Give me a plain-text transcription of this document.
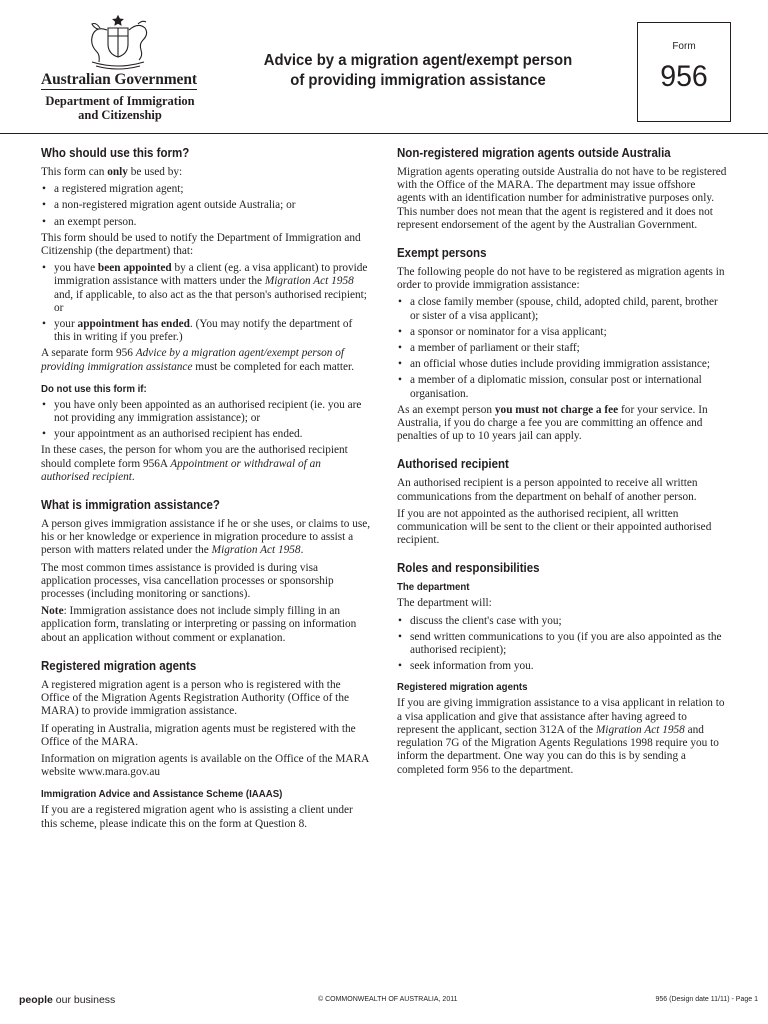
Australian Government
Department of Immigration
and Citizenship
Advice by a migration agent/exempt person
of providing immigration assistance
Form
956
Who should use this form?

This form can only be used by:

• a registered migration agent;
• a non-registered migration agent outside Australia; or
• an exempt person.

This form should be used to notify the Department of Immigration and Citizenship (the department) that:

• you have been appointed by a client (eg. a visa applicant) to provide immigration assistance with matters under the Migration Act 1958 and, if applicable, to also act as the that person's authorised recipient; or
• your appointment has ended. (You may notify the department of this in writing if you prefer.)

A separate form 956 Advice by a migration agent/exempt person of providing immigration assistance must be completed for each matter.

Do not use this form if:
• you have only been appointed as an authorised recipient (ie. you are not providing any immigration assistance); or
• your appointment as an authorised recipient has ended.

In these cases, the person for whom you are the authorised recipient should complete form 956A Appointment or withdrawal of an authorised recipient.

What is immigration assistance?

A person gives immigration assistance if he or she uses, or claims to use, his or her knowledge or experience in migration procedure to assist a person with matters related under the Migration Act 1958.

The most common times assistance is provided is during visa application processes, visa cancellation processes or sponsorship processes (including monitoring or sanctions).

Note: Immigration assistance does not include simply filling in an application form, translating or interpreting or passing on information about an application without comment or explanation.

Registered migration agents

A registered migration agent is a person who is registered with the Office of the Migration Agents Registration Authority (Office of the MARA) to provide immigration assistance.

If operating in Australia, migration agents must be registered with the Office of the MARA.

Information on migration agents is available on the Office of the MARA website www.mara.gov.au

Immigration Advice and Assistance Scheme (IAAAS)

If you are a registered migration agent who is assisting a client under this scheme, please indicate this on the form at Question 8.

Non-registered migration agents outside Australia

Migration agents operating outside Australia do not have to be registered with the Office of the MARA. The department may issue offshore agents with an identification number for administrative purposes only. This number does not mean that the agent is registered and it does not represent endorsement of the agent by the Australian Government.

Exempt persons

The following people do not have to be registered as migration agents in order to provide immigration assistance:

• a close family member (spouse, child, adopted child, parent, brother or sister of a visa applicant);
• a sponsor or nominator for a visa applicant;
• a member of parliament or their staff;
• an official whose duties include providing immigration assistance;
• a member of a diplomatic mission, consular post or international organisation.

As an exempt person you must not charge a fee for your service. In Australia, if you do charge a fee you are committing an offence and penalties of up to 10 years jail can apply.

Authorised recipient

An authorised recipient is a person appointed to receive all written communications from the department on behalf of another person.

If you are not appointed as the authorised recipient, all written communication will be sent to the client or their appointed authorised recipient.

Roles and responsibilities
The department

The department will:

• discuss the client's case with you;
• send written communications to you (if you are also appointed as the authorised recipient);
• seek information from you.
Registered migration agents

If you are giving immigration assistance to a visa applicant in relation to a visa application and give that assistance after having agreed to represent the applicant, section 312A of the Migration Act 1958 and regulation 7G of the Migration Agents Regulations 1998 require you to inform the department. One way you can do this is by sending a completed form 956 to the department.

people our business	© COMMONWEALTH OF AUSTRALIA, 2011	956 (Design date 11/11) - Page 1
